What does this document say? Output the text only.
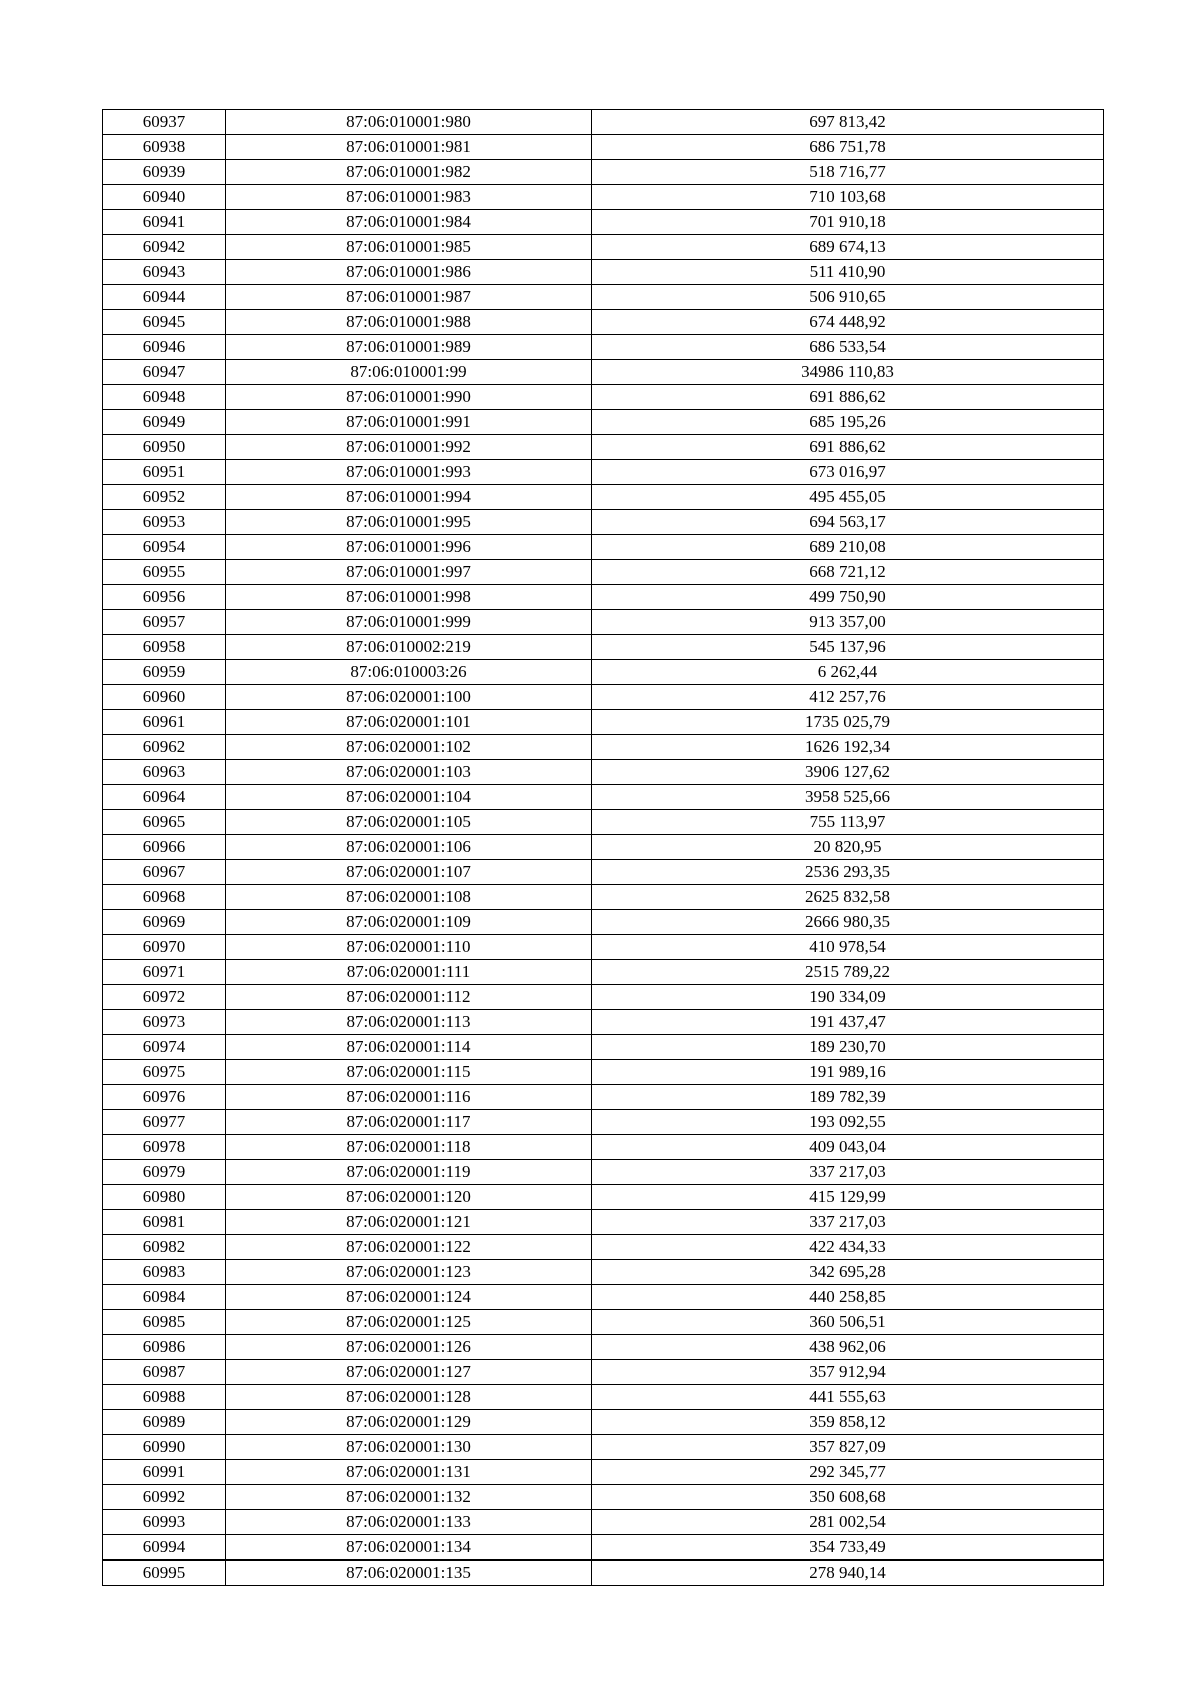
60937	87:06:010001:980	697 813,42
60938	87:06:010001:981	686 751,78
60939	87:06:010001:982	518 716,77
60940	87:06:010001:983	710 103,68
60941	87:06:010001:984	701 910,18
60942	87:06:010001:985	689 674,13
60943	87:06:010001:986	511 410,90
60944	87:06:010001:987	506 910,65
60945	87:06:010001:988	674 448,92
60946	87:06:010001:989	686 533,54
60947	87:06:010001:99	34986 110,83
60948	87:06:010001:990	691 886,62
60949	87:06:010001:991	685 195,26
60950	87:06:010001:992	691 886,62
60951	87:06:010001:993	673 016,97
60952	87:06:010001:994	495 455,05
60953	87:06:010001:995	694 563,17
60954	87:06:010001:996	689 210,08
60955	87:06:010001:997	668 721,12
60956	87:06:010001:998	499 750,90
60957	87:06:010001:999	913 357,00
60958	87:06:010002:219	545 137,96
60959	87:06:010003:26	6 262,44
60960	87:06:020001:100	412 257,76
60961	87:06:020001:101	1735 025,79
60962	87:06:020001:102	1626 192,34
60963	87:06:020001:103	3906 127,62
60964	87:06:020001:104	3958 525,66
60965	87:06:020001:105	755 113,97
60966	87:06:020001:106	20 820,95
60967	87:06:020001:107	2536 293,35
60968	87:06:020001:108	2625 832,58
60969	87:06:020001:109	2666 980,35
60970	87:06:020001:110	410 978,54
60971	87:06:020001:111	2515 789,22
60972	87:06:020001:112	190 334,09
60973	87:06:020001:113	191 437,47
60974	87:06:020001:114	189 230,70
60975	87:06:020001:115	191 989,16
60976	87:06:020001:116	189 782,39
60977	87:06:020001:117	193 092,55
60978	87:06:020001:118	409 043,04
60979	87:06:020001:119	337 217,03
60980	87:06:020001:120	415 129,99
60981	87:06:020001:121	337 217,03
60982	87:06:020001:122	422 434,33
60983	87:06:020001:123	342 695,28
60984	87:06:020001:124	440 258,85
60985	87:06:020001:125	360 506,51
60986	87:06:020001:126	438 962,06
60987	87:06:020001:127	357 912,94
60988	87:06:020001:128	441 555,63
60989	87:06:020001:129	359 858,12
60990	87:06:020001:130	357 827,09
60991	87:06:020001:131	292 345,77
60992	87:06:020001:132	350 608,68
60993	87:06:020001:133	281 002,54
60994	87:06:020001:134	354 733,49
60995	87:06:020001:135	278 940,14
